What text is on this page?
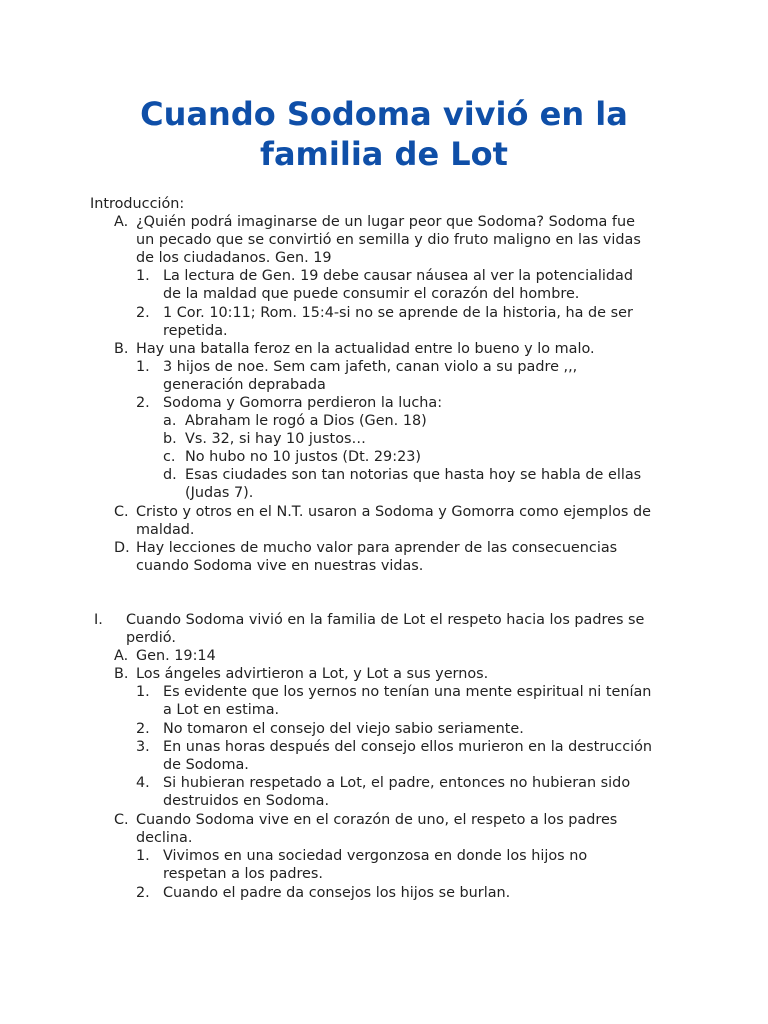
Cuando Sodoma vivió en la
familia de Lot
Introducción:
A. ¿Quién podrá imaginarse de un lugar peor que Sodoma? Sodoma fue
un pecado que se convirtió en semilla y dio fruto maligno en las vidas
de los ciudadanos. Gen. 19
1. La lectura de Gen. 19 debe causar náusea al ver la potencialidad
de la maldad que puede consumir el corazón del hombre.
2. 1 Cor. 10:11; Rom. 15:4-si no se aprende de la historia, ha de ser
repetida.
B. Hay una batalla feroz en la actualidad entre lo bueno y lo malo.
1. 3 hijos de noe. Sem cam jafeth, canan violo a su padre ,,,
generación deprabada
2. Sodoma y Gomorra perdieron la lucha:
a. Abraham le rogó a Dios (Gen. 18)
b. Vs. 32, si hay 10 justos…
c. No hubo no 10 justos (Dt. 29:23)
d. Esas ciudades son tan notorias que hasta hoy se habla de ellas
(Judas 7).
C. Cristo y otros en el N.T. usaron a Sodoma y Gomorra como ejemplos de
maldad.
D. Hay lecciones de mucho valor para aprender de las consecuencias
cuando Sodoma vive en nuestras vidas.
I. Cuando Sodoma vivió en la familia de Lot el respeto hacia los padres se
perdió.
A. Gen. 19:14
B. Los ángeles advirtieron a Lot, y Lot a sus yernos.
1. Es evidente que los yernos no tenían una mente espiritual ni tenían
a Lot en estima.
2. No tomaron el consejo del viejo sabio seriamente.
3. En unas horas después del consejo ellos murieron en la destrucción
de Sodoma.
4. Si hubieran respetado a Lot, el padre, entonces no hubieran sido
destruidos en Sodoma.
C. Cuando Sodoma vive en el corazón de uno, el respeto a los padres
declina.
1. Vivimos en una sociedad vergonzosa en donde los hijos no
respetan a los padres.
2. Cuando el padre da consejos los hijos se burlan.
